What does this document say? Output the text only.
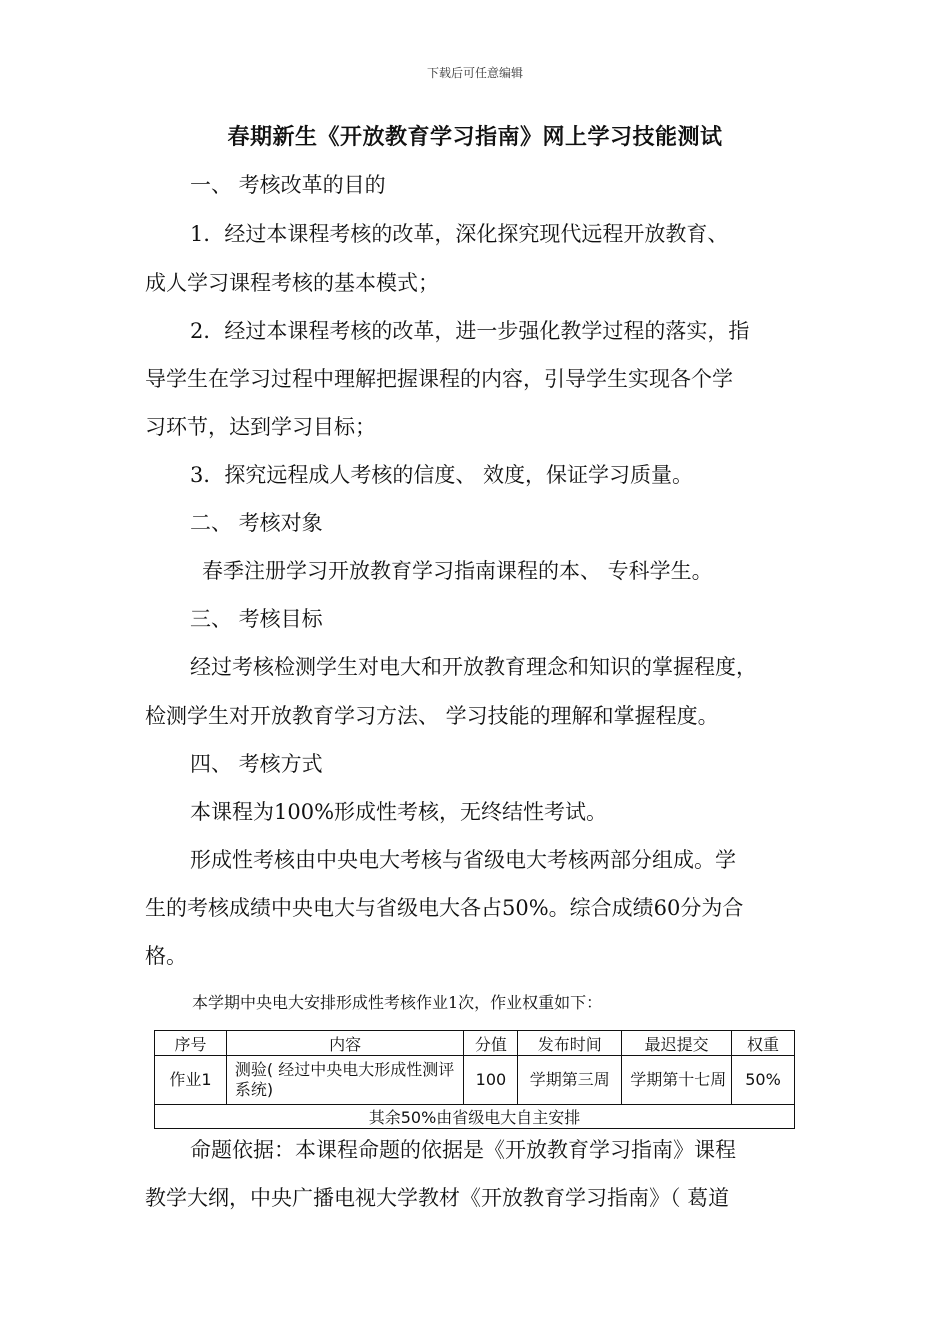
下载后可任意编辑
春期新生《开放教育学习指南》网上学习技能测试
一、 考核改革的目的
1．经过本课程考核的改革，深化探究现代远程开放教育、
成人学习课程考核的基本模式；
2．经过本课程考核的改革，进一步强化教学过程的落实，指
导学生在学习过程中理解把握课程的内容，引导学生实现各个学
习环节，达到学习目标；
3．探究远程成人考核的信度、 效度，保证学习质量。
二、 考核对象
春季注册学习开放教育学习指南课程的本、 专科学生。
三、 考核目标
经过考核检测学生对电大和开放教育理念和知识的掌握程度，
检测学生对开放教育学习方法、 学习技能的理解和掌握程度。
四、 考核方式
本课程为100%形成性考核，无终结性考试。
形成性考核由中央电大考核与省级电大考核两部分组成。学
生的考核成绩中央电大与省级电大各占50%。综合成绩60分为合
格。
命题依据：本课程命题的依据是《开放教育学习指南》课程
教学大纲，中央广播电视大学教材《开放教育学习指南》（ 葛道
本学期中央电大安排形成性考核作业1次，作业权重如下：
序号	内容	分值	发布时间	最迟提交	权重
作业1	测验( 经过中央电大形成性测评系统)	100	学期第三周	学期第十七周	50%
其余50%由省级电大自主安排					
